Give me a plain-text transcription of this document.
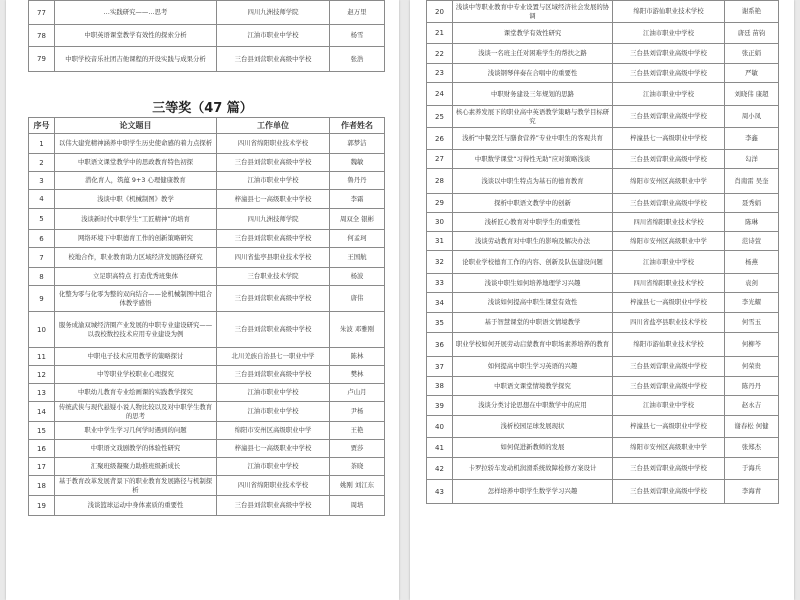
77	…实践研究——…思考	四川九洲技师学院	赵万里
78	中职英语课堂教学有效性的探索分析	江油市职业中学校	杨雪
79	中职学校音乐社团吉他课程的开设实践与成果分析	三台县刘营职业高级中学校	张浩
三等奖（47 篇）
序号	论文题目	工作单位	作者姓名
1	以伟大建党精神涵养中职学生历史使命感的着力点探析	四川省绵阳职业技术学校	郭梦洁
2	中职语文课堂教学中的思政教育特色初探	三台县刘营职业高级中学校	魏敏
3	潜化育人，筑蕴 9+3 心理健康教育	江油市职业中学校	鲁丹丹
4	浅谈中职《机械制图》教学	梓潼县七一高级职业中学校	李霜
5	浅谈新时代中职学生“工匠精神”的培育	四川九洲技师学院	周双全 银彬
6	网络环境下中职德育工作的创新策略研究	三台县刘营职业高级中学校	何孟珂
7	校地合作，职业教育助力区域经济发展路径研究	四川省盐亭县职业技术学校	王国航
8	立足职高特点 打造优秀班集体	三台职业技术学院	杨波
9	化整为零与化零为整的双向结合——论机械制图中组合体教学感悟	三台县刘营职业高级中学校	唐伟
10	服务成渝双城经济圈产业发展的中职专业建设研究——以我校数控技术应用专业建设为例	三台县刘营职业高级中学校	朱波 邓雅刚
11	中职电子技术应用教学的策略探讨	北川羌族自治县七一职业中学	陈林
12	中等职业学校职业心理探究	三台县刘营职业高级中学校	樊林
13	中职幼儿教育专业绘画课的实践教学探究	江油市职业中学校	卢山月
14	传统武侠与现代悬疑小说人物比较以及对中职学生教育的思考	江油市职业中学校	尹杨
15	职业中学生学习几何学时遇到的问题	绵阳市安州区高级职业中学	王艳
16	中职语文戏剧教学的体验性研究	梓潼县七一高级职业中学校	贾莎
17	汇聚班级凝聚力助推班级新成长	江油市职业中学校	茶晓
18	基于教育改革发展背景下的职业教育发展路径与机制探析	四川省绵阳职业技术学校	姚刚 刘江东
19	浅谈篮球运动中身体素质的重要性	三台县刘营职业高级中学校	周培
20	浅谈中等职业教育中专业设置与区域经济社会发展的协调	绵阳市游仙职业技术学校	谢系艳
21	课堂教学有效性研究	江油市职业中学校	唐廷 苗钧
22	浅谈一名班主任对困难学生的帮扶之路	三台县刘营职业高级中学校	张正娟
23	浅谈钢琴伴奏在合唱中的重要性	三台县刘营职业高级中学校	严敏
24	中职财务建设三年规划的思路	江油市职业中学校	刘晓伟 康超
25	核心素养发展下的职业高中英语教学策略与教学目标研究	三台县刘营职业高级中学校	周小凤
26	浅析“中餐烹饪与膳食营养”专业中职生的客观共育	梓潼县七一高级职业中学校	李鑫
27	中职数学课堂“习得性无助”应对策略浅谈	三台县刘营职业高级中学校	勾洋
28	浅谈以中职生特点为基石的德育教育	绵阳市安州区高级职业中学	肖南雷 吴奎
29	探析中职语文教学中的创新	三台县刘营职业高级中学校	聂秀娟
30	浅析匠心教育对中职学生的重要性	四川省绵阳职业技术学校	陈琳
31	浅谈劳动教育对中职生的影响及解决办法	绵阳市安州区高级职业中学	范诗萱
32	论职业学校德育工作的内容、创新及队伍建设问题	江油市职业中学校	杨燕
33	浅谈中职生如何培养地理学习兴趣	四川省绵阳职业技术学校	袁剑
34	浅谈如何提高中职生课堂有效性	梓潼县七一高级职业中学校	李光耀
35	基于智慧课堂的中职语文情境教学	四川省盐亭县职业技术学校	何雪玉
36	职业学校如何开展劳动启蒙教育中职场素养培养的教育	绵阳市游仙职业技术学校	何柳芩
37	如何提高中职生学习英语的兴趣	三台县刘营职业高级中学校	何荣贵
38	中职语文课堂情境教学探究	三台县刘营职业高级中学校	陈丹丹
39	浅谈分类讨论思想在中职数学中的应用	江油市职业中学校	赵永吉
40	浅析校园足球发展现状	梓潼县七一高级职业中学校	谢春松 何健
41	如何促进新教师的发展	绵阳市安州区高级职业中学	张郑杰
42	卡罗拉轿车发动机润滑系统故障检修方案设计	三台县刘营职业高级中学校	于海兵
43	怎样培养中职学生数学学习兴趣	三台县刘营职业高级中学校	李海青
